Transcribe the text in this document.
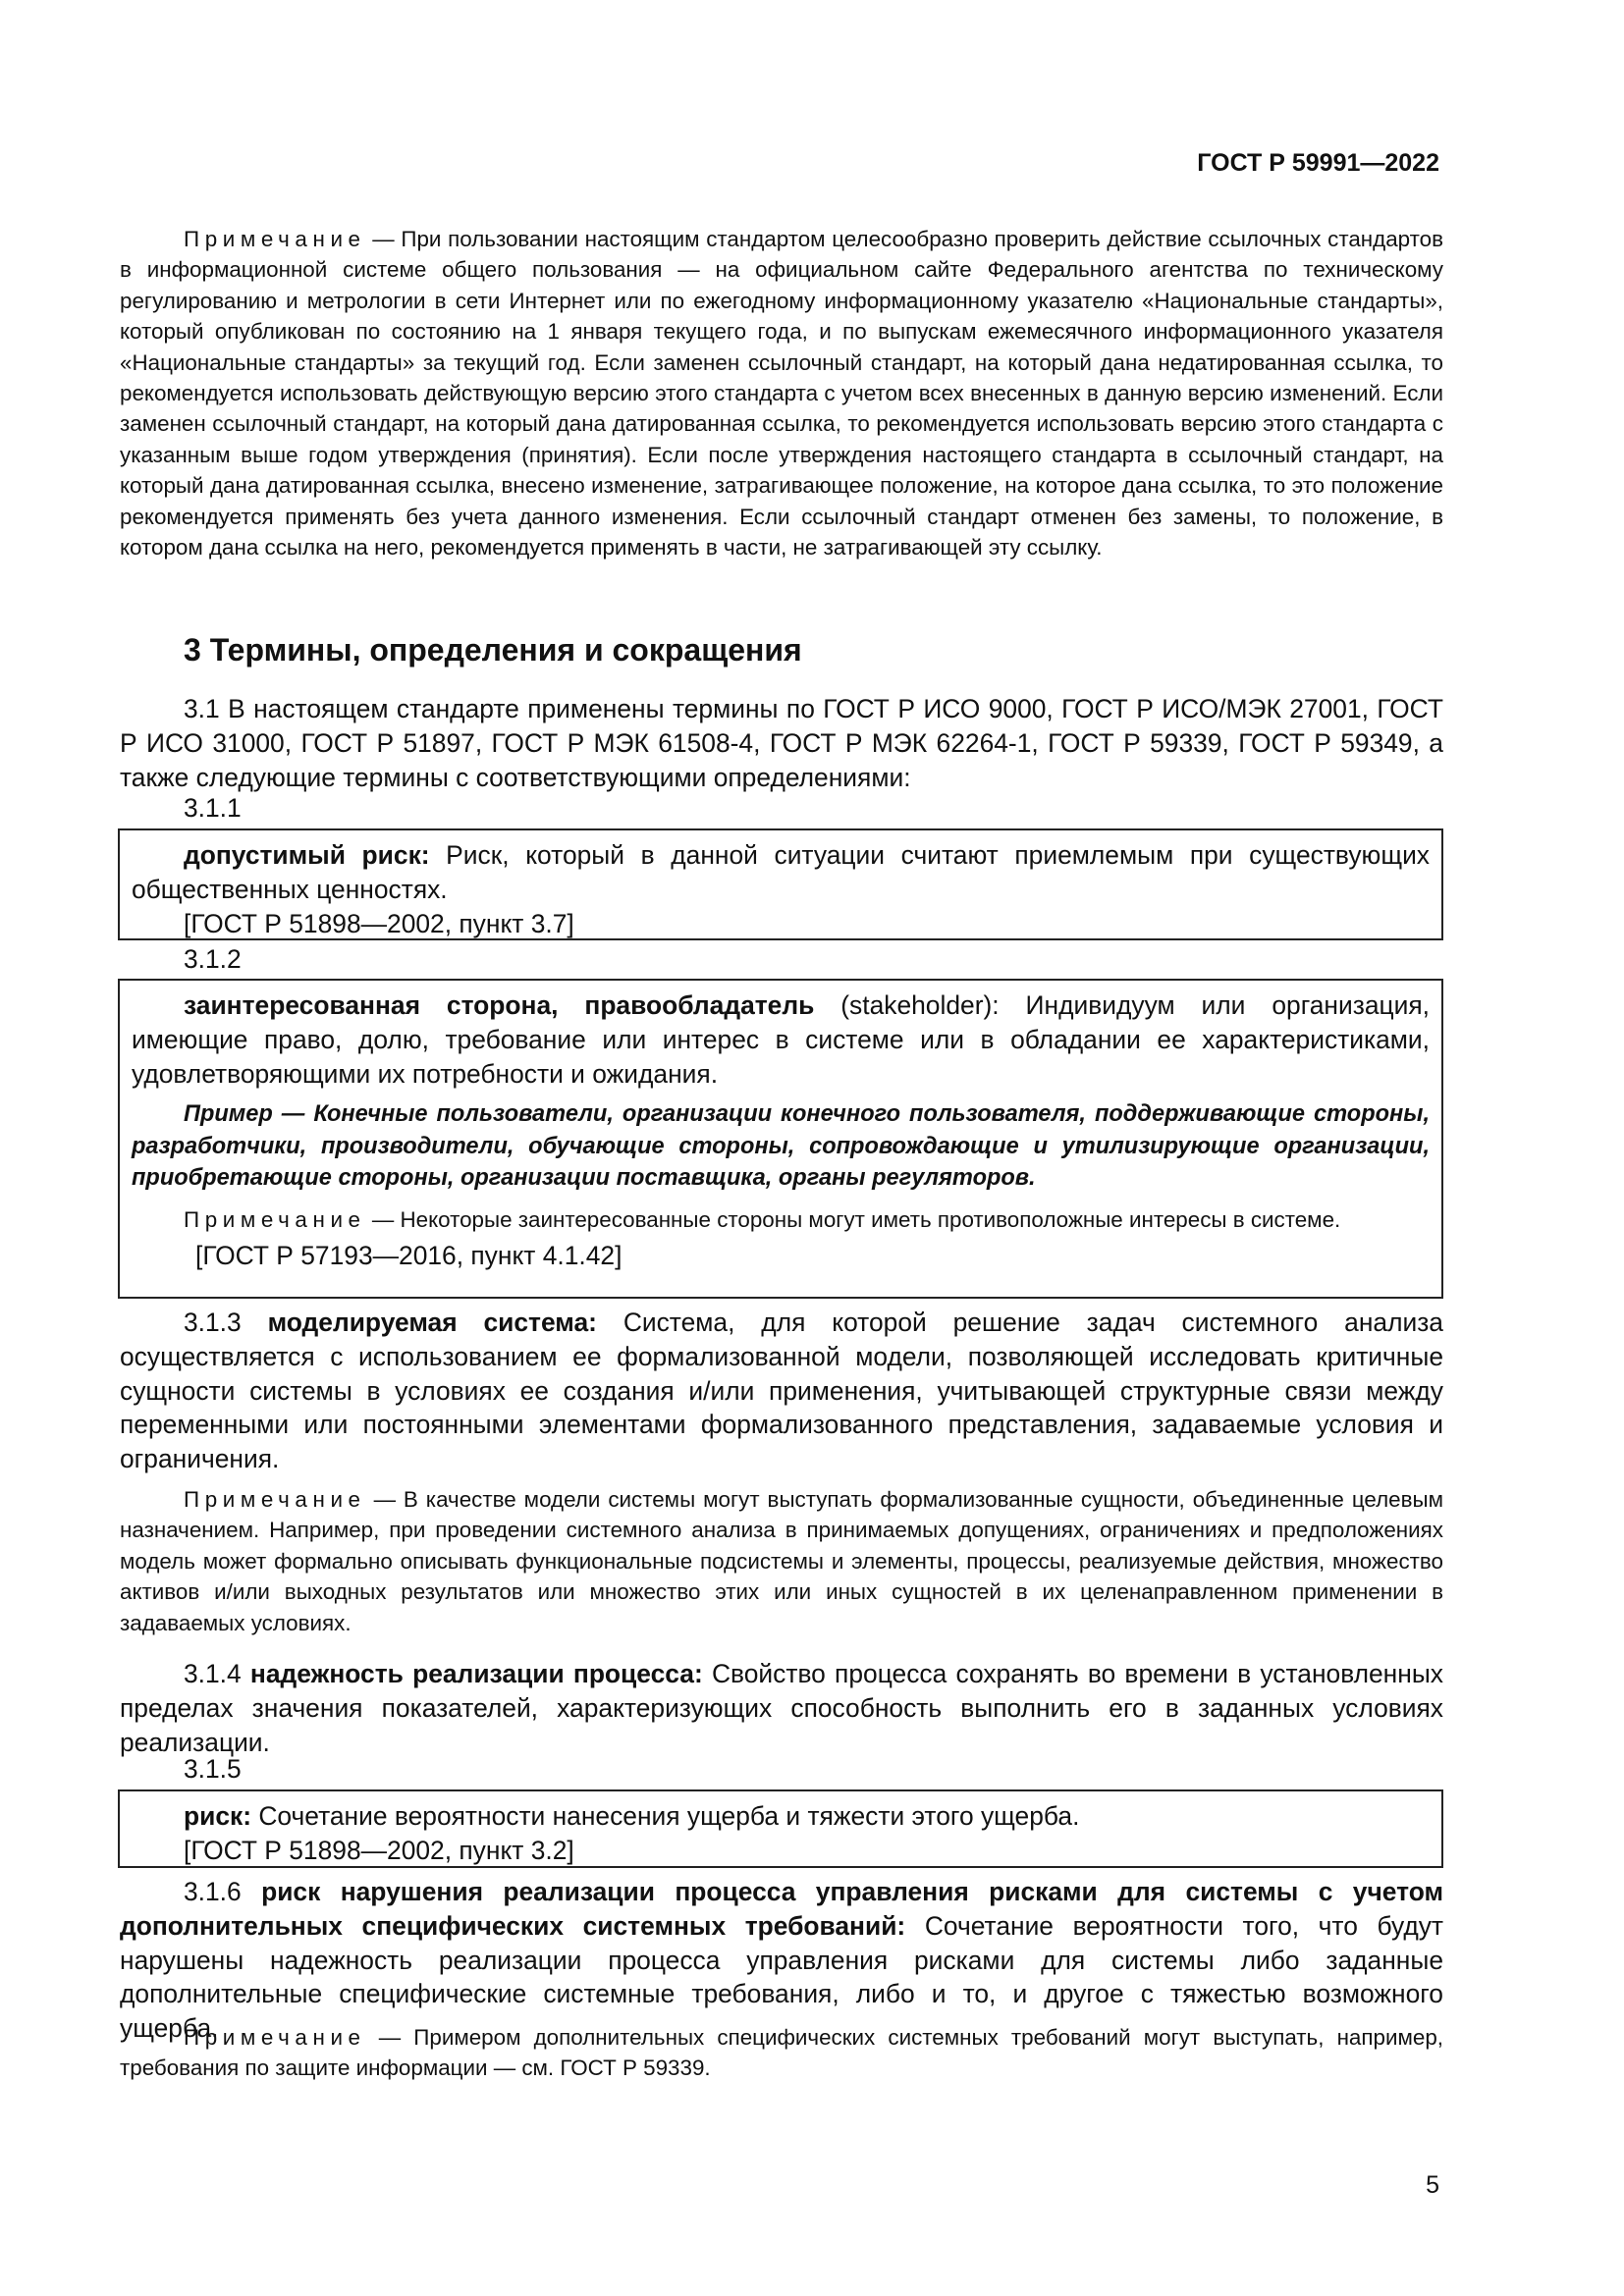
ГОСТ Р 59991—2022
Примечание — При пользовании настоящим стандартом целесообразно проверить действие ссылочных стандартов в информационной системе общего пользования — на официальном сайте Федерального агентства по техническому регулированию и метрологии в сети Интернет или по ежегодному информационному указателю «Национальные стандарты», который опубликован по состоянию на 1 января текущего года, и по выпускам ежемесячного информационного указателя «Национальные стандарты» за текущий год. Если заменен ссылочный стандарт, на который дана недатированная ссылка, то рекомендуется использовать действующую версию этого стандарта с учетом всех внесенных в данную версию изменений. Если заменен ссылочный стандарт, на который дана датированная ссылка, то рекомендуется использовать версию этого стандарта с указанным выше годом утверждения (принятия). Если после утверждения настоящего стандарта в ссылочный стандарт, на который дана датированная ссылка, внесено изменение, затрагивающее положение, на которое дана ссылка, то это положение рекомендуется применять без учета данного изменения. Если ссылочный стандарт отменен без замены, то положение, в котором дана ссылка на него, рекомендуется применять в части, не затрагивающей эту ссылку.
3 Термины, определения и сокращения
3.1 В настоящем стандарте применены термины по ГОСТ Р ИСО 9000, ГОСТ Р ИСО/МЭК 27001, ГОСТ Р ИСО 31000, ГОСТ Р 51897, ГОСТ Р МЭК 61508-4, ГОСТ Р МЭК 62264-1, ГОСТ Р 59339, ГОСТ Р 59349, а также следующие термины с соответствующими определениями:
3.1.1
допустимый риск: Риск, который в данной ситуации считают приемлемым при существующих общественных ценностях.
[ГОСТ Р 51898—2002, пункт 3.7]
3.1.2
заинтересованная сторона, правообладатель (stakeholder): Индивидуум или организация, имеющие право, долю, требование или интерес в системе или в обладании ее характеристиками, удовлетворяющими их потребности и ожидания.
Пример — Конечные пользователи, организации конечного пользователя, поддерживающие стороны, разработчики, производители, обучающие стороны, сопровождающие и утилизирующие организации, приобретающие стороны, организации поставщика, органы регуляторов.
Примечание — Некоторые заинтересованные стороны могут иметь противоположные интересы в системе.
[ГОСТ Р 57193—2016, пункт 4.1.42]
3.1.3 моделируемая система: Система, для которой решение задач системного анализа осуществляется с использованием ее формализованной модели, позволяющей исследовать критичные сущности системы в условиях ее создания и/или применения, учитывающей структурные связи между переменными или постоянными элементами формализованного представления, задаваемые условия и ограничения.
Примечание — В качестве модели системы могут выступать формализованные сущности, объединенные целевым назначением. Например, при проведении системного анализа в принимаемых допущениях, ограничениях и предположениях модель может формально описывать функциональные подсистемы и элементы, процессы, реализуемые действия, множество активов и/или выходных результатов или множество этих или иных сущностей в их целенаправленном применении в задаваемых условиях.
3.1.4 надежность реализации процесса: Свойство процесса сохранять во времени в установленных пределах значения показателей, характеризующих способность выполнить его в заданных условиях реализации.
3.1.5
риск: Сочетание вероятности нанесения ущерба и тяжести этого ущерба.
[ГОСТ Р 51898—2002, пункт 3.2]
3.1.6 риск нарушения реализации процесса управления рисками для системы с учетом дополнительных специфических системных требований: Сочетание вероятности того, что будут нарушены надежность реализации процесса управления рисками для системы либо заданные дополнительные специфические системные требования, либо и то, и другое с тяжестью возможного ущерба.
Примечание — Примером дополнительных специфических системных требований могут выступать, например, требования по защите информации — см. ГОСТ Р 59339.
5
